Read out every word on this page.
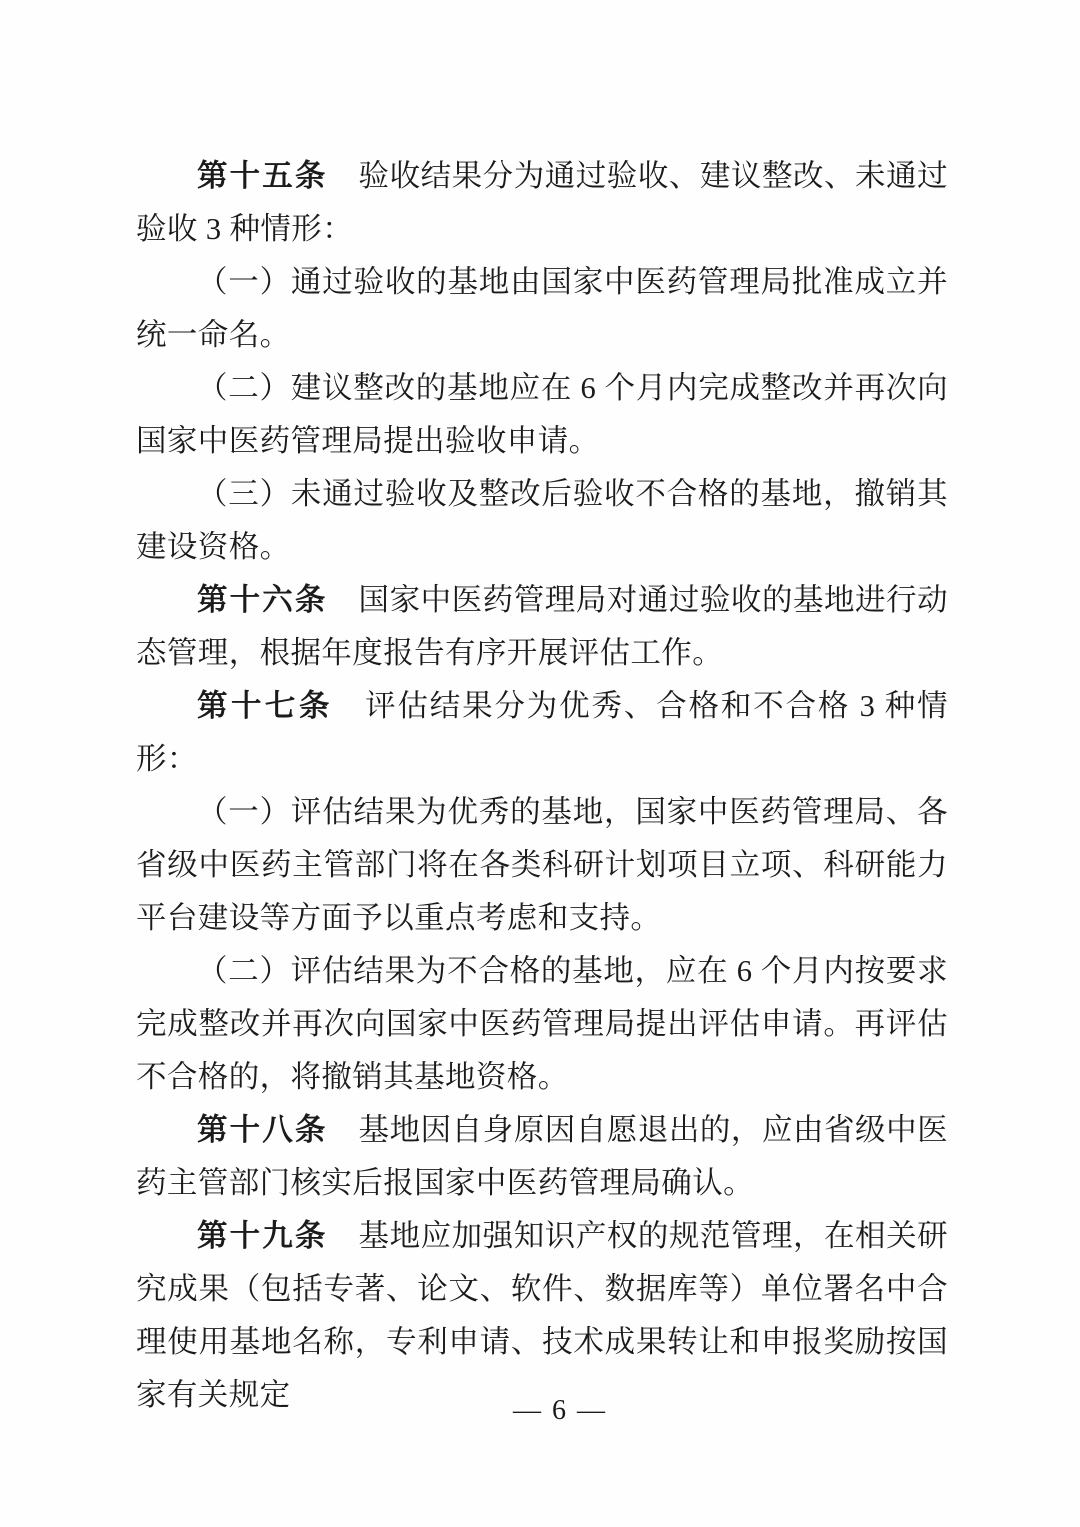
第十五条　验收结果分为通过验收、建议整改、未通过验收 3 种情形：

（一）通过验收的基地由国家中医药管理局批准成立并统一命名。

（二）建议整改的基地应在 6 个月内完成整改并再次向国家中医药管理局提出验收申请。

（三）未通过验收及整改后验收不合格的基地，撤销其建设资格。

第十六条　国家中医药管理局对通过验收的基地进行动态管理，根据年度报告有序开展评估工作。

第十七条　评估结果分为优秀、合格和不合格 3 种情形：

（一）评估结果为优秀的基地，国家中医药管理局、各省级中医药主管部门将在各类科研计划项目立项、科研能力平台建设等方面予以重点考虑和支持。

（二）评估结果为不合格的基地，应在 6 个月内按要求完成整改并再次向国家中医药管理局提出评估申请。再评估不合格的，将撤销其基地资格。

第十八条　基地因自身原因自愿退出的，应由省级中医药主管部门核实后报国家中医药管理局确认。

第十九条　基地应加强知识产权的规范管理，在相关研究成果（包括专著、论文、软件、数据库等）单位署名中合理使用基地名称，专利申请、技术成果转让和申报奖励按国家有关规定	— 6 —
